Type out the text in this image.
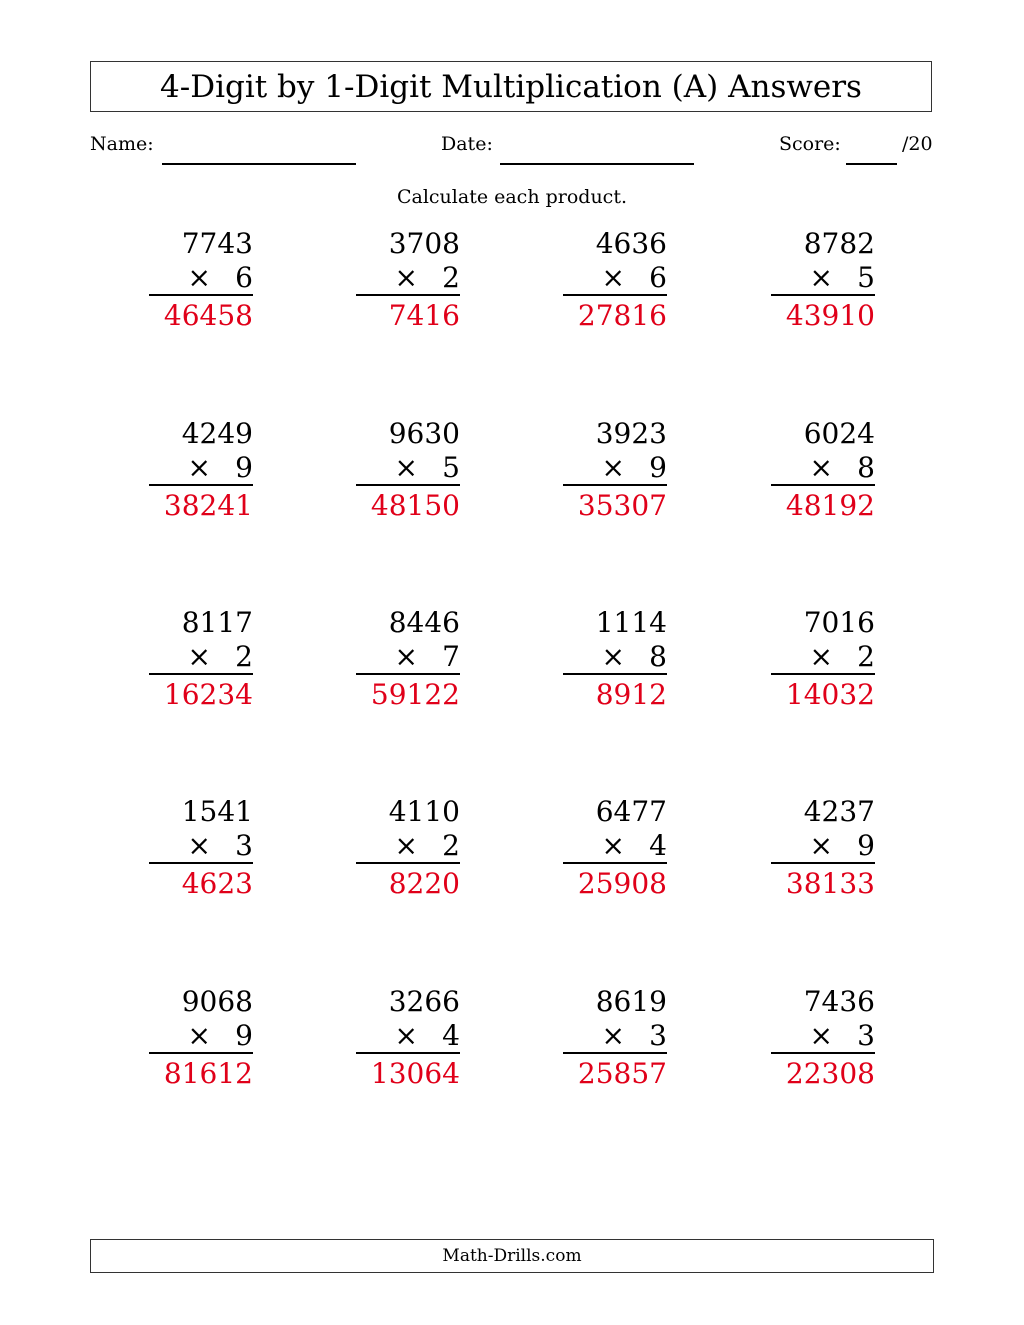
4-Digit by 1-Digit Multiplication (A) Answers
Name:	Date:	Score:	/20
Calculate each product.
7743
× 6
46458
3708
× 2
7416
4636
× 6
27816
8782
× 5
43910
4249
× 9
38241
9630
× 5
48150
3923
× 9
35307
6024
× 8
48192
8117
× 2
16234
8446
× 7
59122
1114
× 8
8912
7016
× 2
14032
1541
× 3
4623
4110
× 2
8220
6477
× 4
25908
4237
× 9
38133
9068
× 9
81612
3266
× 4
13064
8619
× 3
25857
7436
× 3
22308
Math-Drills.com
